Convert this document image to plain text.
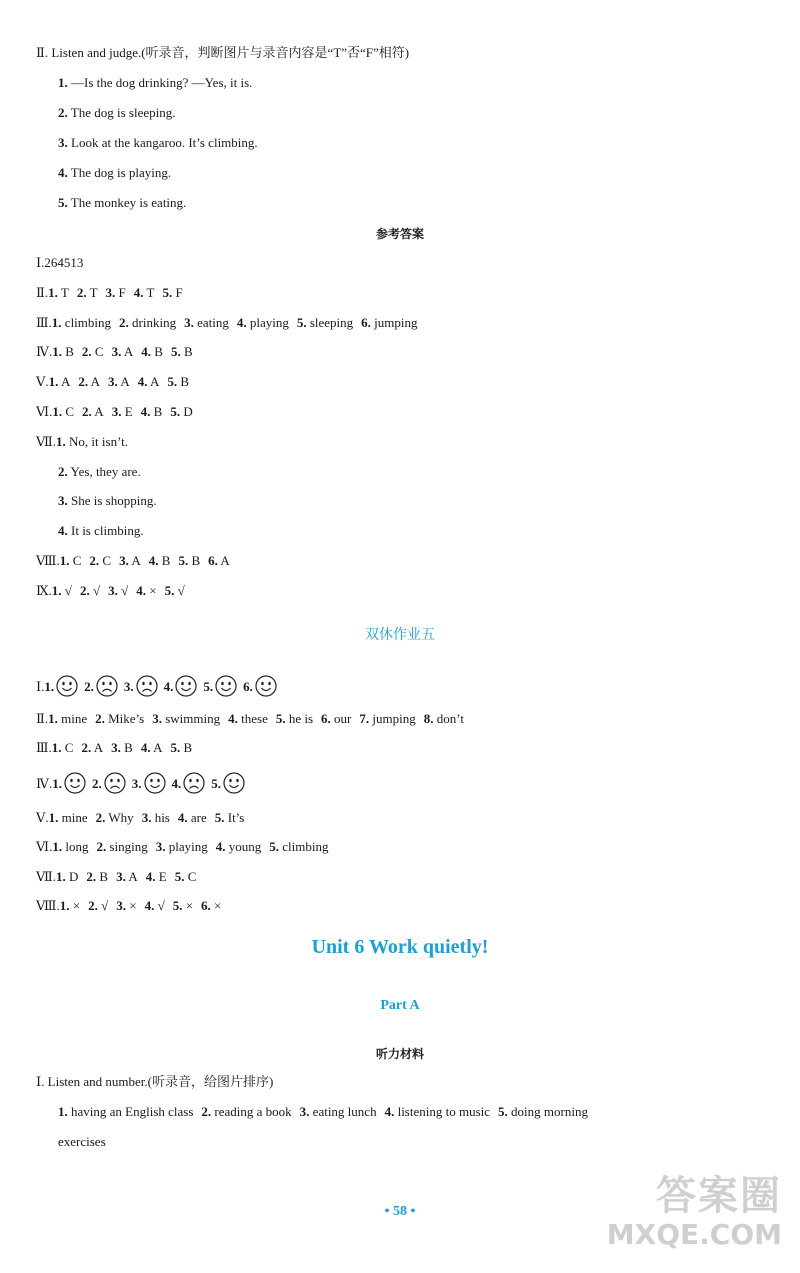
Ⅱ. Listen and judge.(听录音，判断图片与录音内容是“T”否“F”相符)
1. —Is the dog drinking? —Yes, it is.
2. The dog is sleeping.
3. Look at the kangaroo. It’s climbing.
4. The dog is playing.
5. The monkey is eating.
参考答案
Ⅰ.264513
Ⅱ.1. T 2. T 3. F 4. T 5. F
Ⅲ.1. climbing 2. drinking 3. eating 4. playing 5. sleeping 6. jumping
Ⅳ.1. B 2. C 3. A 4. B 5. B
Ⅴ.1. A 2. A 3. A 4. A 5. B
Ⅵ.1. C 2. A 3. E 4. B 5. D
Ⅶ.1. No, it isn’t.
2. Yes, they are.
3. She is shopping.
4. It is climbing.
Ⅷ.1. C 2. C 3. A 4. B 5. B 6. A
Ⅸ.1. √ 2. √ 3. √ 4. × 5. √
双休作业五
Ⅰ.1. 2. 3. 4. 5. 6.
Ⅱ.1. mine 2. Mike’s 3. swimming 4. these 5. he is 6. our 7. jumping 8. don’t
Ⅲ.1. C 2. A 3. B 4. A 5. B
Ⅳ.1. 2. 3. 4. 5.
Ⅴ.1. mine 2. Why 3. his 4. are 5. It’s
Ⅵ.1. long 2. singing 3. playing 4. young 5. climbing
Ⅶ.1. D 2. B 3. A 4. E 5. C
Ⅷ.1. × 2. √ 3. × 4. √ 5. × 6. ×
Unit 6 Work quietly!
Part A
听力材料
Ⅰ. Listen and number.(听录音，给图片排序)
1. having an English class 2. reading a book 3. eating lunch 4. listening to music 5. doing morning
exercises
• 58 •	答案圈
MXQE.COM
